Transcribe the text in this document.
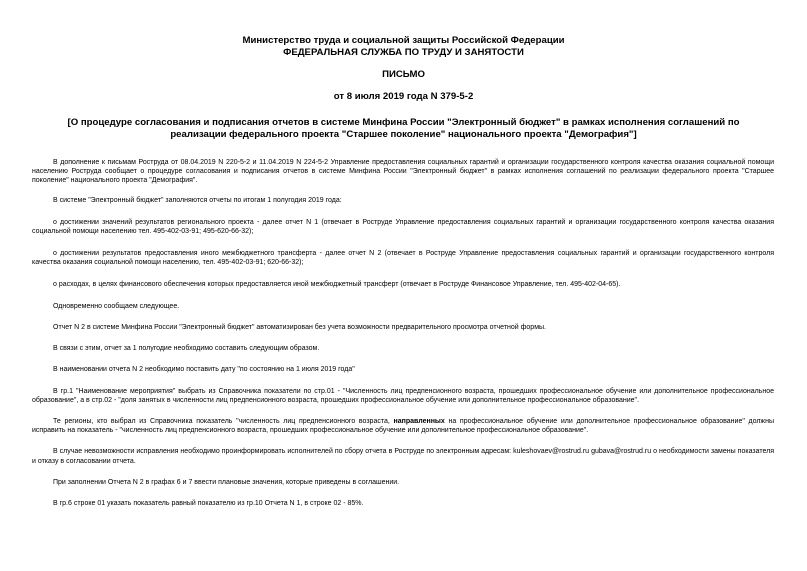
Министерство труда и социальной защиты Российской Федерации
ФЕДЕРАЛЬНАЯ СЛУЖБА ПО ТРУДУ И ЗАНЯТОСТИ
ПИСЬМО
от 8 июля 2019 года N 379-5-2
[О процедуре согласования и подписания отчетов в системе Минфина России "Электронный бюджет" в рамках исполнения соглашений по реализации федерального проекта "Старшее поколение" национального проекта "Демография"]

В дополнение к письмам Роструда от 08.04.2019 N 220-5-2 и 11.04.2019 N 224-5-2 Управление предоставления социальных гарантий и организации государственного контроля качества оказания социальной помощи населению Роструда сообщает о процедуре согласования и подписания отчетов в системе Минфина России "Электронный бюджет" в рамках исполнения соглашений по реализации федерального проекта "Старшее поколение" национального проекта "Демография".

В системе "Электронный бюджет" заполняются отчеты по итогам 1 полугодия 2019 года:

о достижении значений результатов регионального проекта - далее отчет N 1 (отвечает в Роструде Управление предоставления социальных гарантий и организации государственного контроля качества оказания социальной помощи населению тел. 495-402-03-91; 495-620-66-32);

о достижении результатов предоставления иного межбюджетного трансферта - далее отчет N 2 (отвечает в Роструде Управление предоставления социальных гарантий и организации государственного контроля качества оказания социальной помощи населению, тел. 495-402-03-91; 620-66-32);

о расходах, в целях финансового обеспечения которых предоставляется иной межбюджетный трансферт (отвечает в Роструде Финансовое Управление, тел. 495-402-04-65).

Одновременно сообщаем следующее.

Отчет N 2 в системе Минфина России "Электронный бюджет" автоматизирован без учета возможности предварительного просмотра отчетной формы.

В связи с этим, отчет за 1 полугодие необходимо составить следующим образом.

В наименовании отчета N 2 необходимо поставить дату "по состоянию на 1 июля 2019 года"

В гр.1 "Наименование мероприятия" выбрать из Справочника показатели по стр.01 - "Численность лиц предпенсионного возраста, прошедших профессиональное обучение или дополнительное профессиональное образование", а в стр.02 - "доля занятых в численности лиц предпенсионного возраста, прошедших профессиональное обучение или дополнительное профессиональное образование".

Те регионы, кто выбрал из Справочника показатель "численность лиц предпенсионного возраста, направленных на профессиональное обучение или дополнительное профессиональное образование" должны исправить на показатель - "численность лиц предпенсионного возраста, прошедших профессиональное обучение или дополнительное профессиональное образование".

В случае невозможности исправления необходимо проинформировать исполнителей по сбору отчета в Роструде по электронным адресам: kuleshovaev@rostrud.ru gubava@rostrud.ru о необходимости замены показателя и отказу в согласовании отчета.

При заполнении Отчета N 2 в графах 6 и 7 ввести плановые значения, которые приведены в соглашении.

В гр.6 строке 01 указать показатель равный показателю из гр.10 Отчета N 1, в строке 02 - 85%.
